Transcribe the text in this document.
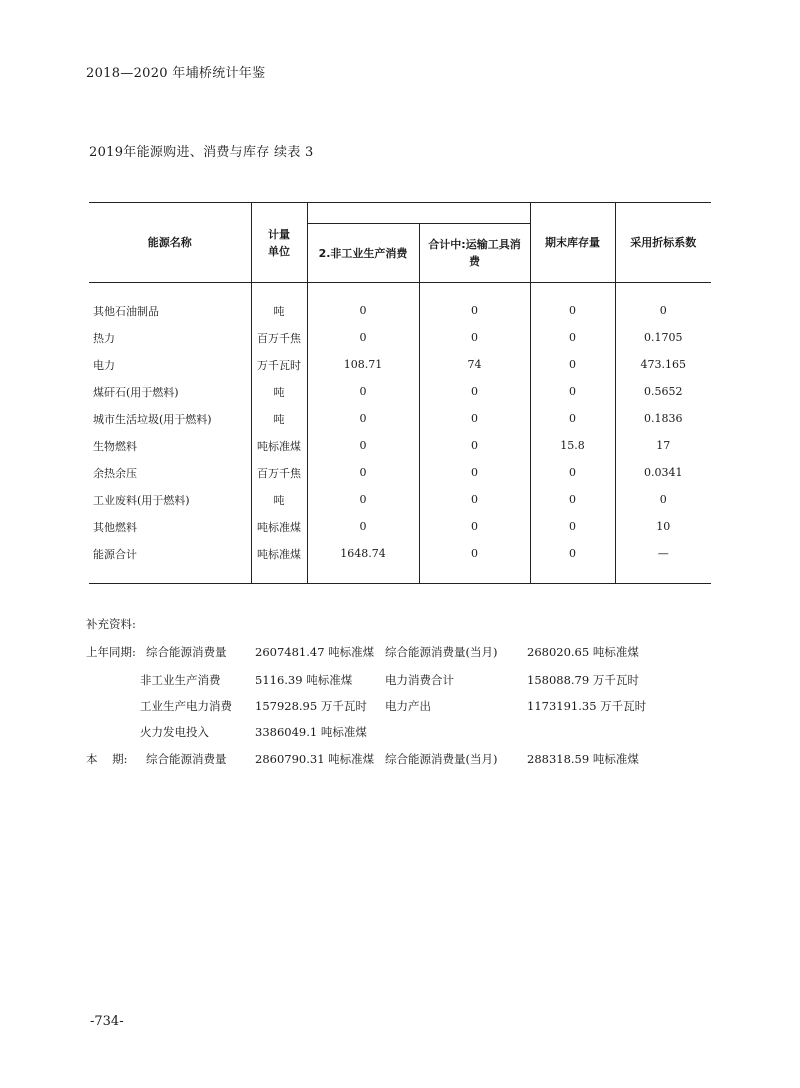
2018—2020 年埔桥统计年鉴
2019年能源购进、消费与库存 续表 3
能源名称	计量单位			期末库存量	采用折标系数
		2.非工业生产消费	合计中:运输工具消费		

其他石油制品	吨	0	0	0	0
热力	百万千焦	0	0	0	0.1705
电力	万千瓦时	108.71	74	0	473.165
煤矸石(用于燃料)	吨	0	0	0	0.5652
城市生活垃圾(用于燃料)	吨	0	0	0	0.1836
生物燃料	吨标准煤	0	0	15.8	17
余热余压	百万千焦	0	0	0	0.0341
工业废料(用于燃料)	吨	0	0	0	0
其他燃料	吨标准煤	0	0	0	10
能源合计	吨标准煤	1648.74	0	0	—

补充资料:
上年同期: 综合能源消费量 2607481.47 吨标准煤 综合能源消费量(当月)	268020.65 吨标准煤
非工业生产消费	5116.39 吨标准煤	电力消费合计	158088.79 万千瓦时
工业生产电力消费 157928.95 万千瓦时 电力产出	1173191.35 万千瓦时
火力发电投入	3386049.1 吨标准煤
本    期: 综合能源消费量 2860790.31 吨标准煤 综合能源消费量(当月)	288318.59 吨标准煤
-734-
